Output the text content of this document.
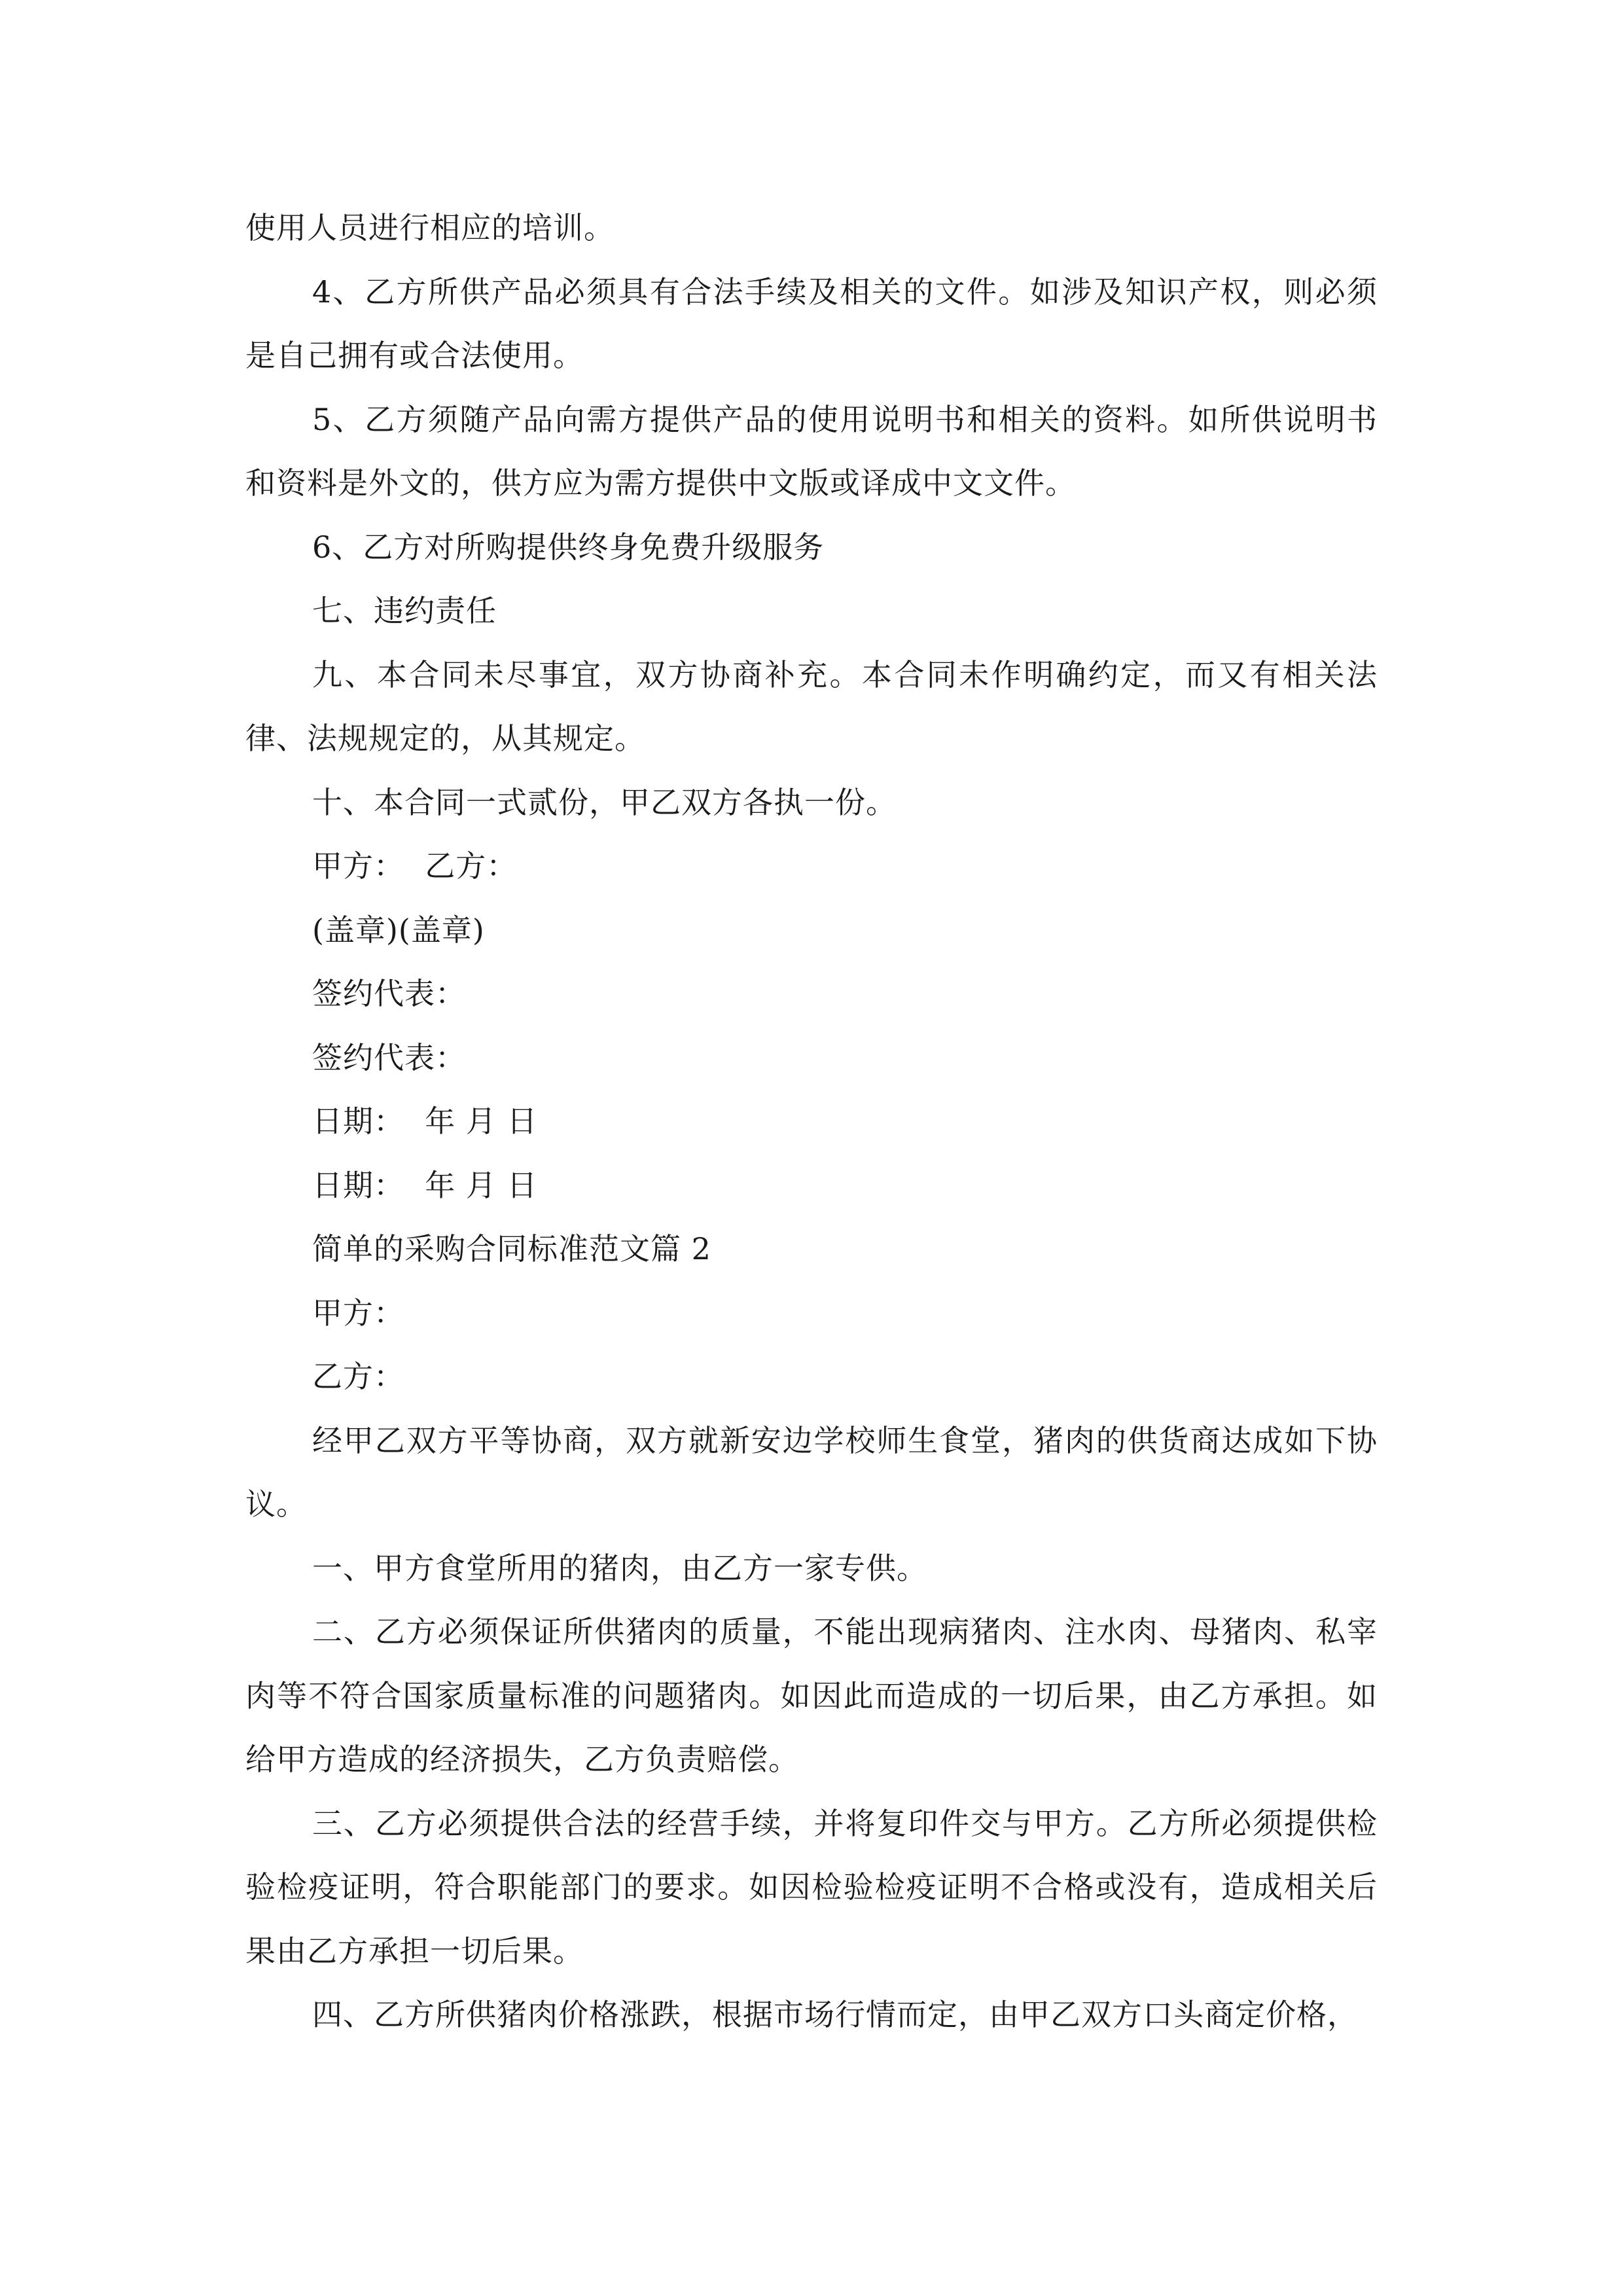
使用人员进行相应的培训。

4、乙方所供产品必须具有合法手续及相关的文件。如涉及知识产权，则必须是自己拥有或合法使用。

5、乙方须随产品向需方提供产品的使用说明书和相关的资料。如所供说明书和资料是外文的，供方应为需方提供中文版或译成中文文件。

6、乙方对所购提供终身免费升级服务

七、违约责任

九、本合同未尽事宜，双方协商补充。本合同未作明确约定，而又有相关法律、法规规定的，从其规定。

十、本合同一式贰份，甲乙双方各执一份。

甲方：  乙方：

(盖章)(盖章)

签约代表：

签约代表：

日期：  年 月 日

日期：  年 月 日

简单的采购合同标准范文篇 2

甲方：

乙方：

经甲乙双方平等协商，双方就新安边学校师生食堂，猪肉的供货商达成如下协议。

一、甲方食堂所用的猪肉，由乙方一家专供。

二、乙方必须保证所供猪肉的质量，不能出现病猪肉、注水肉、母猪肉、私宰肉等不符合国家质量标准的问题猪肉。如因此而造成的一切后果，由乙方承担。如给甲方造成的经济损失，乙方负责赔偿。

三、乙方必须提供合法的经营手续，并将复印件交与甲方。乙方所必须提供检验检疫证明，符合职能部门的要求。如因检验检疫证明不合格或没有，造成相关后果由乙方承担一切后果。

四、乙方所供猪肉价格涨跌，根据市场行情而定，由甲乙双方口头商定价格，
